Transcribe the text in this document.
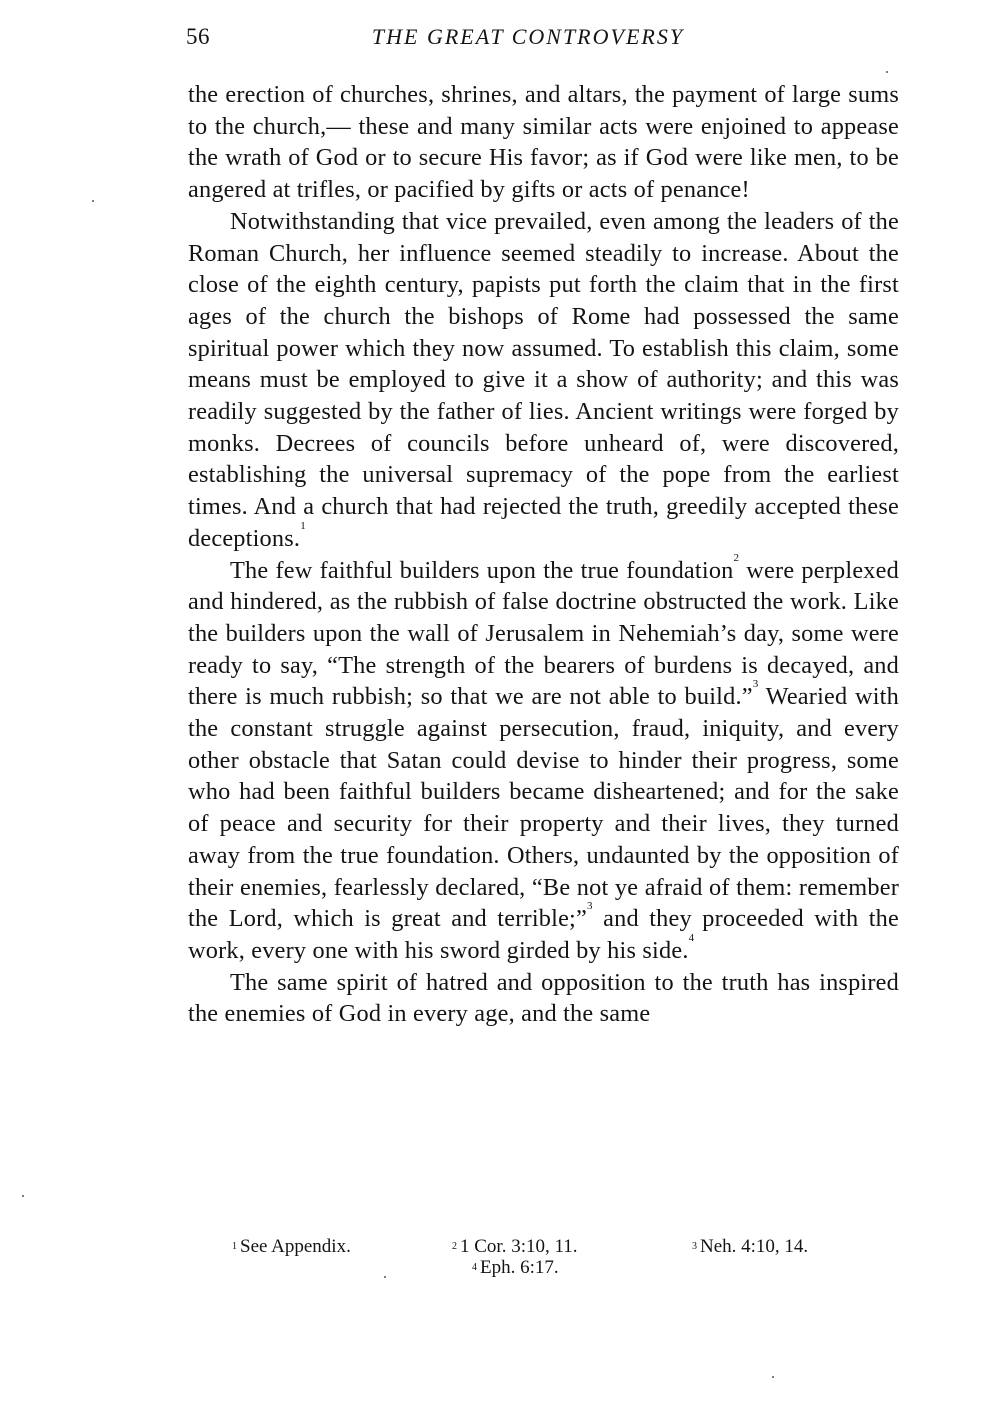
56	THE GREAT CONTROVERSY

the erection of churches, shrines, and altars, the payment of large sums to the church,— these and many similar acts were enjoined to appease the wrath of God or to secure His favor; as if God were like men, to be angered at trifles, or pacified by gifts or acts of penance!

Notwithstanding that vice prevailed, even among the leaders of the Roman Church, her influence seemed steadily to increase. About the close of the eighth century, papists put forth the claim that in the first ages of the church the bishops of Rome had possessed the same spiritual power which they now assumed. To establish this claim, some means must be employed to give it a show of authority; and this was readily suggested by the father of lies. Ancient writings were forged by monks. Decrees of councils before unheard of, were discovered, establishing the universal supremacy of the pope from the earliest times. And a church that had rejected the truth, greedily accepted these deceptions.$^1$

The few faithful builders upon the true foundation$^2$ were perplexed and hindered, as the rubbish of false doctrine obstructed the work. Like the builders upon the wall of Jerusalem in Nehemiah’s day, some were ready to say, “The strength of the bearers of burdens is decayed, and there is much rubbish; so that we are not able to build.”$^3$ Wearied with the constant struggle against persecution, fraud, iniquity, and every other obstacle that Satan could devise to hinder their progress, some who had been faithful builders became disheartened; and for the sake of peace and security for their property and their lives, they turned away from the true foundation. Others, undaunted by the opposition of their enemies, fearlessly declared, “Be not ye afraid of them: remember the Lord, which is great and terrible;”$^3$ and they proceeded with the work, every one with his sword girded by his side.$^4$

The same spirit of hatred and opposition to the truth has inspired the enemies of God in every age, and the same

$^1$ See Appendix.	$^2$ 1 Cor. 3:10, 11.	$^3$ Neh. 4:10, 14.
$^4$ Eph. 6:17.
